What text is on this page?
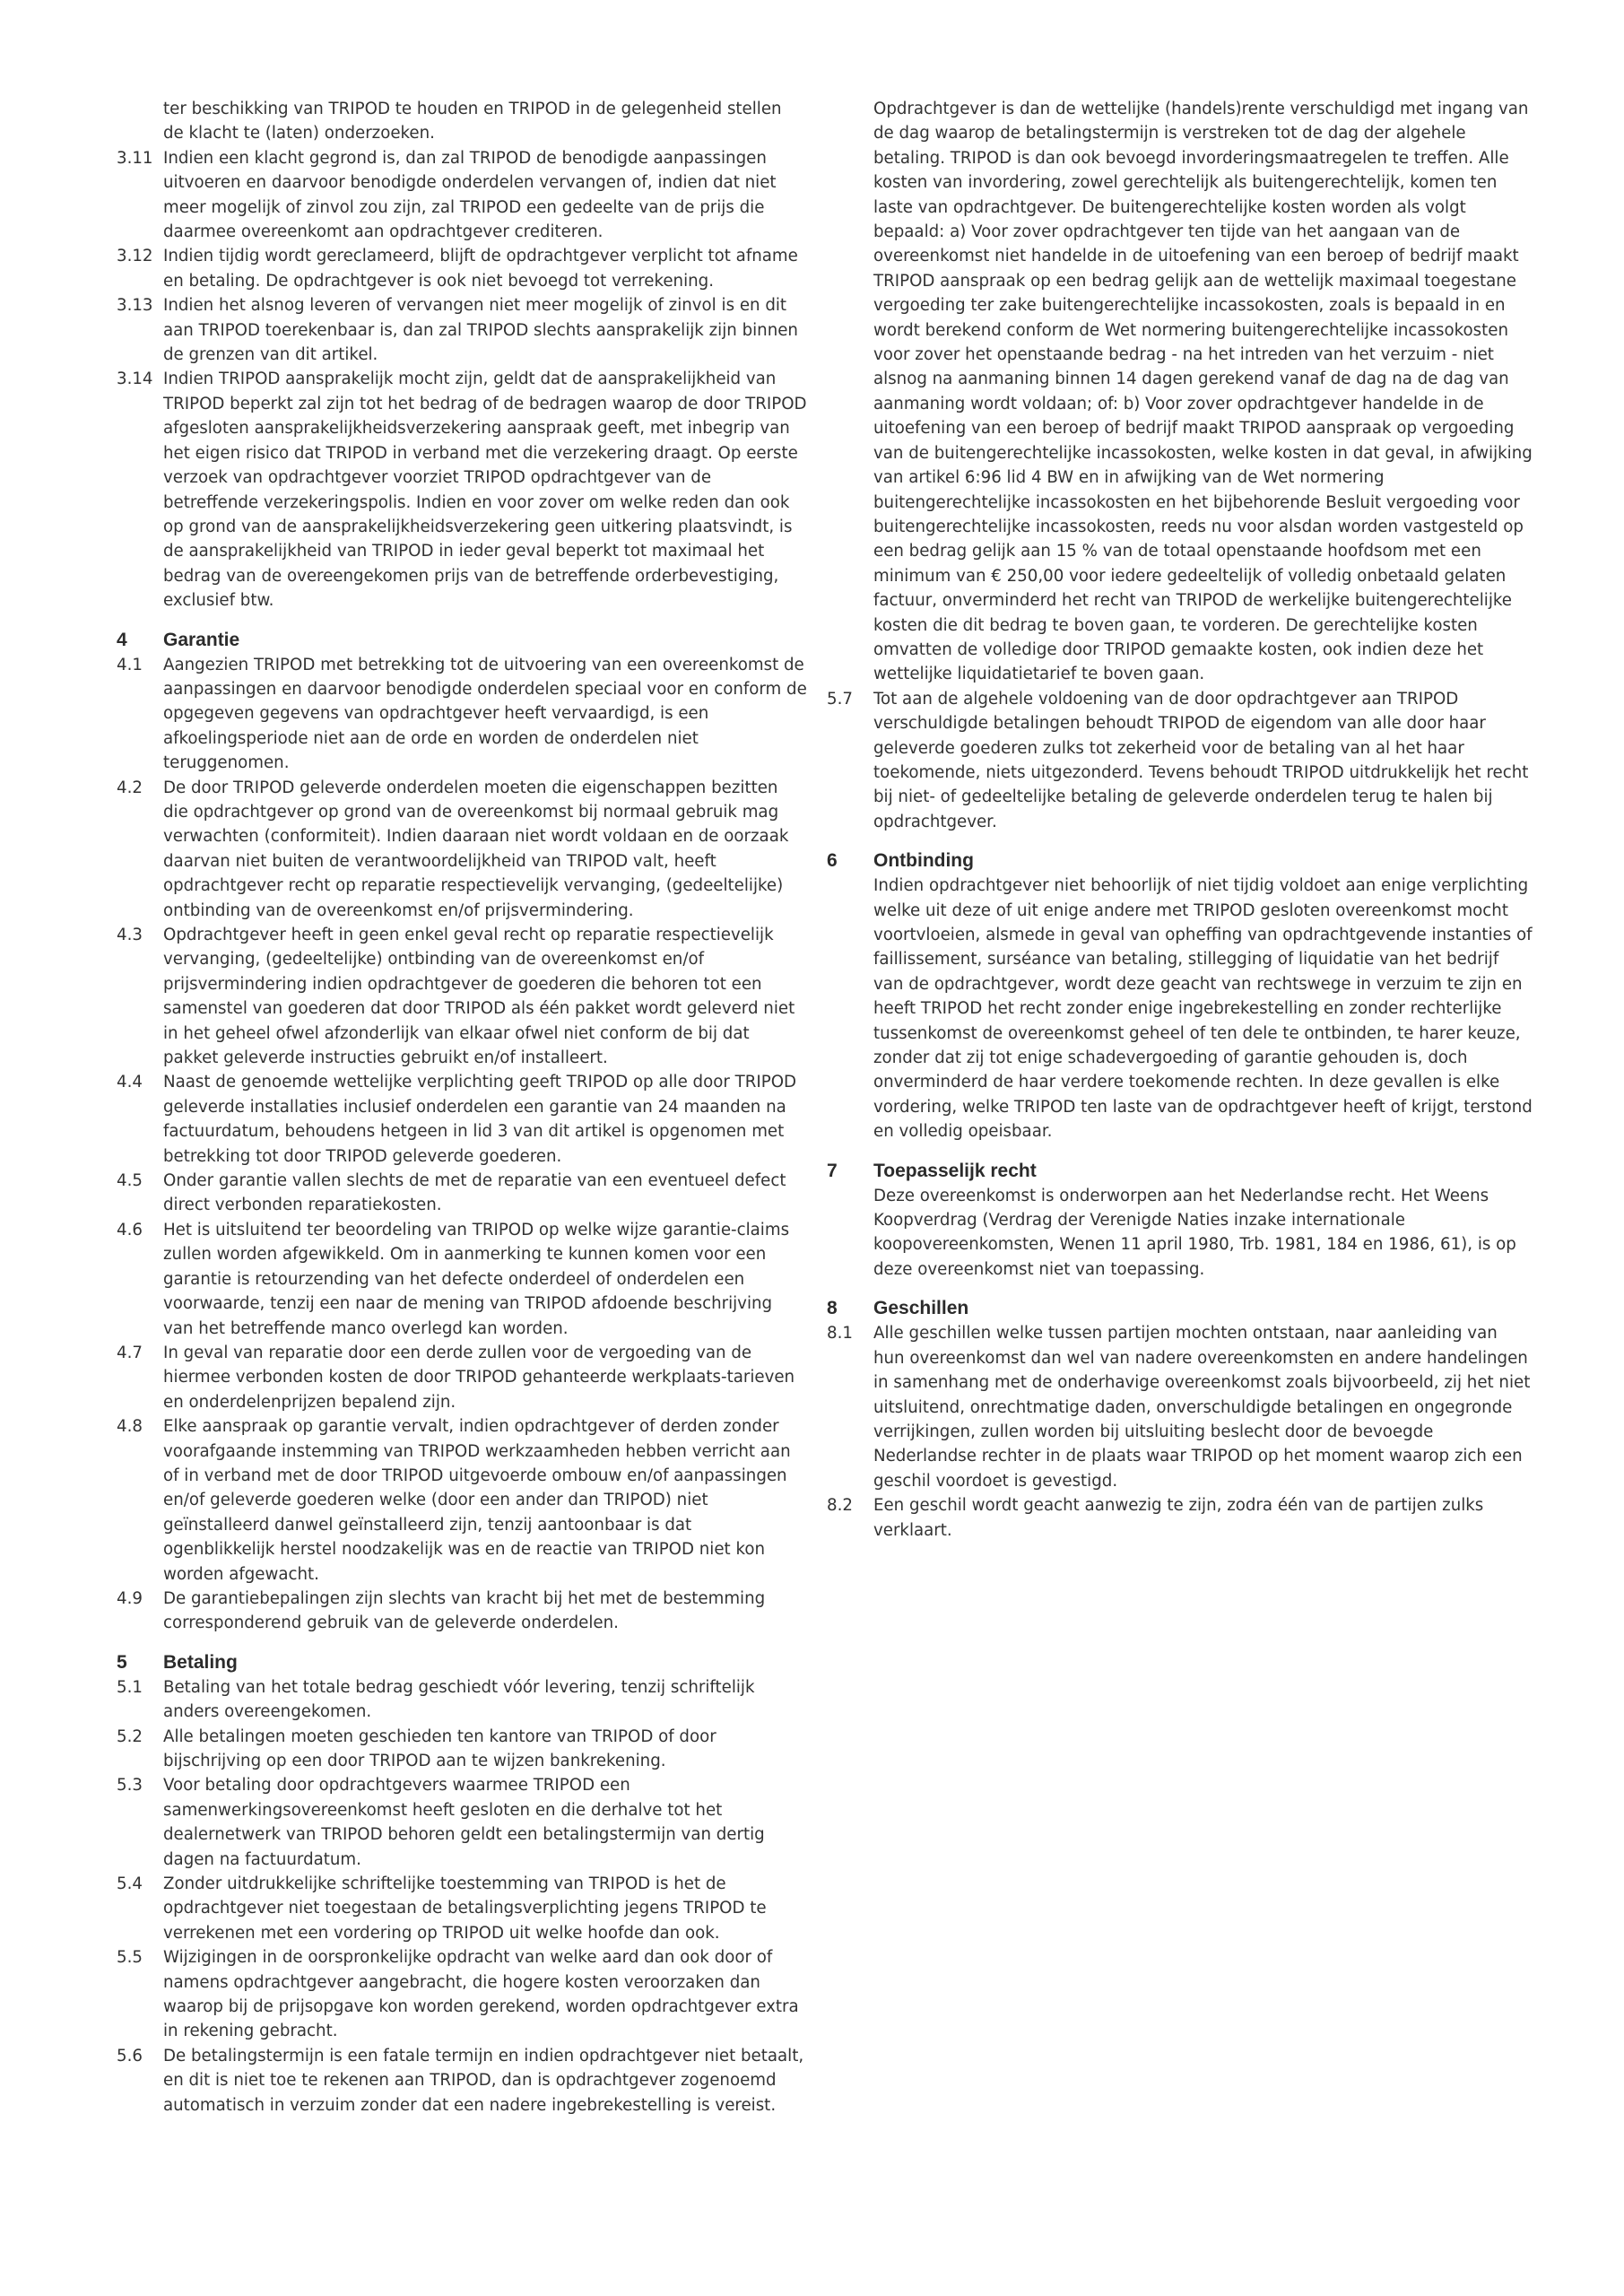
ter beschikking van TRIPOD te houden en TRIPOD in de gelegenheid stellen de klacht te (laten) onderzoeken.
3.11 Indien een klacht gegrond is, dan zal TRIPOD de benodigde aanpassingen uitvoeren en daarvoor benodigde onderdelen vervangen of, indien dat niet meer mogelijk of zinvol zou zijn, zal TRIPOD een gedeelte van de prijs die daarmee overeenkomt aan opdrachtgever crediteren.
3.12 Indien tijdig wordt gereclameerd, blijft de opdrachtgever verplicht tot afname en betaling. De opdrachtgever is ook niet bevoegd tot verrekening.
3.13 Indien het alsnog leveren of vervangen niet meer mogelijk of zinvol is en dit aan TRIPOD toerekenbaar is, dan zal TRIPOD slechts aansprakelijk zijn binnen de grenzen van dit artikel.
3.14 Indien TRIPOD aansprakelijk mocht zijn, geldt dat de aansprakelijkheid van TRIPOD beperkt zal zijn tot het bedrag of de bedragen waarop de door TRIPOD afgesloten aansprakelijkheidsverzekering aanspraak geeft, met inbegrip van het eigen risico dat TRIPOD in verband met die verzekering draagt. Op eerste verzoek van opdrachtgever voorziet TRIPOD opdrachtgever van de betreffende verzekeringspolis. Indien en voor zover om welke reden dan ook op grond van de aansprakelijkheidsverzekering geen uitkering plaatsvindt, is de aansprakelijkheid van TRIPOD in ieder geval beperkt tot maximaal het bedrag van de overeengekomen prijs van de betreffende orderbevestiging, exclusief btw.
4 Garantie
4.1 Aangezien TRIPOD met betrekking tot de uitvoering van een overeenkomst de aanpassingen en daarvoor benodigde onderdelen speciaal voor en conform de opgegeven gegevens van opdrachtgever heeft vervaardigd, is een afkoelingsperiode niet aan de orde en worden de onderdelen niet teruggenomen.
4.2 De door TRIPOD geleverde onderdelen moeten die eigenschappen bezitten die opdrachtgever op grond van de overeenkomst bij normaal gebruik mag verwachten (conformiteit). Indien daaraan niet wordt voldaan en de oorzaak daarvan niet buiten de verantwoordelijkheid van TRIPOD valt, heeft opdrachtgever recht op reparatie respectievelijk vervanging, (gedeeltelijke) ontbinding van de overeenkomst en/of prijsvermindering.
4.3 Opdrachtgever heeft in geen enkel geval recht op reparatie respectievelijk vervanging, (gedeeltelijke) ontbinding van de overeenkomst en/of prijsvermindering indien opdrachtgever de goederen die behoren tot een samenstel van goederen dat door TRIPOD als één pakket wordt geleverd niet in het geheel ofwel afzonderlijk van elkaar ofwel niet conform de bij dat pakket geleverde instructies gebruikt en/of installeert.
4.4 Naast de genoemde wettelijke verplichting geeft TRIPOD op alle door TRIPOD geleverde installaties inclusief onderdelen een garantie van 24 maanden na factuurdatum, behoudens hetgeen in lid 3 van dit artikel is opgenomen met betrekking tot door TRIPOD geleverde goederen.
4.5 Onder garantie vallen slechts de met de reparatie van een eventueel defect direct verbonden reparatiekosten.
4.6 Het is uitsluitend ter beoordeling van TRIPOD op welke wijze garantie-claims zullen worden afgewikkeld. Om in aanmerking te kunnen komen voor een garantie is retourzending van het defecte onderdeel of onderdelen een voorwaarde, tenzij een naar de mening van TRIPOD afdoende beschrijving van het betreffende manco overlegd kan worden.
4.7 In geval van reparatie door een derde zullen voor de vergoeding van de hiermee verbonden kosten de door TRIPOD gehanteerde werkplaats-tarieven en onderdelenprijzen bepalend zijn.
4.8 Elke aanspraak op garantie vervalt, indien opdrachtgever of derden zonder voorafgaande instemming van TRIPOD werkzaamheden hebben verricht aan of in verband met de door TRIPOD uitgevoerde ombouw en/of aanpassingen en/of geleverde goederen welke (door een ander dan TRIPOD) niet geïnstalleerd danwel geïnstalleerd zijn, tenzij aantoonbaar is dat ogenblikkelijk herstel noodzakelijk was en de reactie van TRIPOD niet kon worden afgewacht.
4.9 De garantiebepalingen zijn slechts van kracht bij het met de bestemming corresponderend gebruik van de geleverde onderdelen.
5 Betaling
5.1 Betaling van het totale bedrag geschiedt vóór levering, tenzij schriftelijk anders overeengekomen.
5.2 Alle betalingen moeten geschieden ten kantore van TRIPOD of door bijschrijving op een door TRIPOD aan te wijzen bankrekening.
5.3 Voor betaling door opdrachtgevers waarmee TRIPOD een samenwerkingsovereenkomst heeft gesloten en die derhalve tot het dealernetwerk van TRIPOD behoren geldt een betalingstermijn van dertig dagen na factuurdatum.
5.4 Zonder uitdrukkelijke schriftelijke toestemming van TRIPOD is het de opdrachtgever niet toegestaan de betalingsverplichting jegens TRIPOD te verrekenen met een vordering op TRIPOD uit welke hoofde dan ook.
5.5 Wijzigingen in de oorspronkelijke opdracht van welke aard dan ook door of namens opdrachtgever aangebracht, die hogere kosten veroorzaken dan waarop bij de prijsopgave kon worden gerekend, worden opdrachtgever extra in rekening gebracht.
5.6 De betalingstermijn is een fatale termijn en indien opdrachtgever niet betaalt, en dit is niet toe te rekenen aan TRIPOD, dan is opdrachtgever zogenoemd automatisch in verzuim zonder dat een nadere ingebrekestelling is vereist.
Opdrachtgever is dan de wettelijke (handels)rente verschuldigd met ingang van de dag waarop de betalingstermijn is verstreken tot de dag der algehele betaling. TRIPOD is dan ook bevoegd invorderingsmaatregelen te treffen. Alle kosten van invordering, zowel gerechtelijk als buitengerechtelijk, komen ten laste van opdrachtgever. De buitengerechtelijke kosten worden als volgt bepaald: a) Voor zover opdrachtgever ten tijde van het aangaan van de overeenkomst niet handelde in de uitoefening van een beroep of bedrijf maakt TRIPOD aanspraak op een bedrag gelijk aan de wettelijk maximaal toegestane vergoeding ter zake buitengerechtelijke incassokosten, zoals is bepaald in en wordt berekend conform de Wet normering buitengerechtelijke incassokosten voor zover het openstaande bedrag - na het intreden van het verzuim - niet alsnog na aanmaning binnen 14 dagen gerekend vanaf de dag na de dag van aanmaning wordt voldaan; of: b) Voor zover opdrachtgever handelde in de uitoefening van een beroep of bedrijf maakt TRIPOD aanspraak op vergoeding van de buitengerechtelijke incassokosten, welke kosten in dat geval, in afwijking van artikel 6:96 lid 4 BW en in afwijking van de Wet normering buitengerechtelijke incassokosten en het bijbehorende Besluit vergoeding voor buitengerechtelijke incassokosten, reeds nu voor alsdan worden vastgesteld op een bedrag gelijk aan 15 % van de totaal openstaande hoofdsom met een minimum van € 250,00 voor iedere gedeeltelijk of volledig onbetaald gelaten factuur, onverminderd het recht van TRIPOD de werkelijke buitengerechtelijke kosten die dit bedrag te boven gaan, te vorderen. De gerechtelijke kosten omvatten de volledige door TRIPOD gemaakte kosten, ook indien deze het wettelijke liquidatietarief te boven gaan.
5.7 Tot aan de algehele voldoening van de door opdrachtgever aan TRIPOD verschuldigde betalingen behoudt TRIPOD de eigendom van alle door haar geleverde goederen zulks tot zekerheid voor de betaling van al het haar toekomende, niets uitgezonderd. Tevens behoudt TRIPOD uitdrukkelijk het recht bij niet- of gedeeltelijke betaling de geleverde onderdelen terug te halen bij opdrachtgever.
6 Ontbinding
Indien opdrachtgever niet behoorlijk of niet tijdig voldoet aan enige verplichting welke uit deze of uit enige andere met TRIPOD gesloten overeenkomst mocht voortvloeien, alsmede in geval van opheffing van opdrachtgevende instanties of faillissement, surséance van betaling, stillegging of liquidatie van het bedrijf van de opdrachtgever, wordt deze geacht van rechtswege in verzuim te zijn en heeft TRIPOD het recht zonder enige ingebrekestelling en zonder rechterlijke tussenkomst de overeenkomst geheel of ten dele te ontbinden, te harer keuze, zonder dat zij tot enige schadevergoeding of garantie gehouden is, doch onverminderd de haar verdere toekomende rechten. In deze gevallen is elke vordering, welke TRIPOD ten laste van de opdrachtgever heeft of krijgt, terstond en volledig opeisbaar.
7 Toepasselijk recht
Deze overeenkomst is onderworpen aan het Nederlandse recht. Het Weens Koopverdrag (Verdrag der Verenigde Naties inzake internationale koopovereenkomsten, Wenen 11 april 1980, Trb. 1981, 184 en 1986, 61), is op deze overeenkomst niet van toepassing.
8 Geschillen
8.1 Alle geschillen welke tussen partijen mochten ontstaan, naar aanleiding van hun overeenkomst dan wel van nadere overeenkomsten en andere handelingen in samenhang met de onderhavige overeenkomst zoals bijvoorbeeld, zij het niet uitsluitend, onrechtmatige daden, onverschuldigde betalingen en ongegronde verrijkingen, zullen worden bij uitsluiting beslecht door de bevoegde Nederlandse rechter in de plaats waar TRIPOD op het moment waarop zich een geschil voordoet is gevestigd.
8.2 Een geschil wordt geacht aanwezig te zijn, zodra één van de partijen zulks verklaart.
